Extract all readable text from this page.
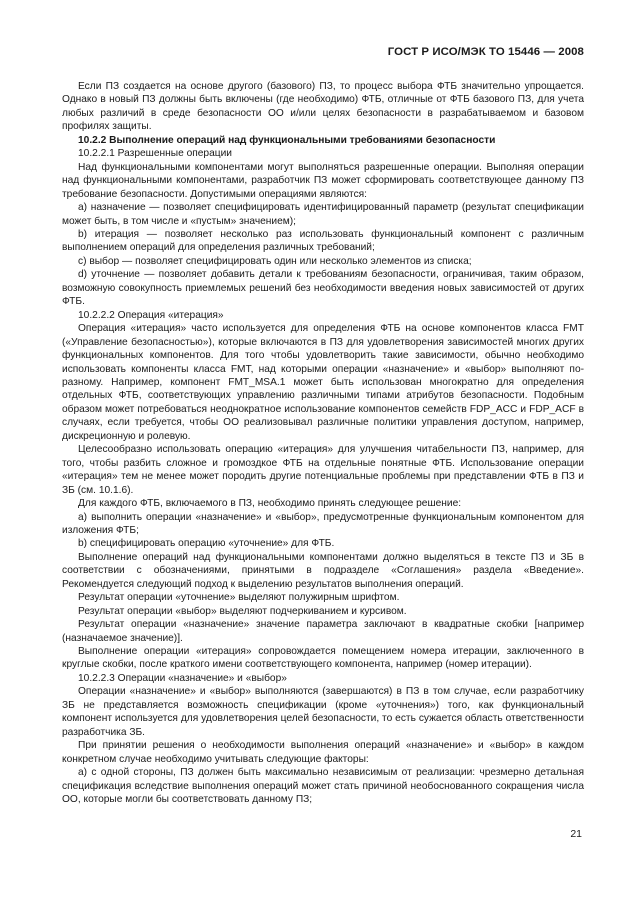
ГОСТ Р ИСО/МЭК ТО 15446 — 2008

Если ПЗ создается на основе другого (базового) ПЗ, то процесс выбора ФТБ значительно упрощается. Однако в новый ПЗ должны быть включены (где необходимо) ФТБ, отличные от ФТБ базового ПЗ, для учета любых различий в среде безопасности ОО и/или целях безопасности в разрабатываемом и базовом профилях защиты.

10.2.2 Выполнение операций над функциональными требованиями безопасности

10.2.2.1 Разрешенные операции

Над функциональными компонентами могут выполняться разрешенные операции. Выполняя операции над функциональными компонентами, разработчик ПЗ может сформировать соответствующее данному ПЗ требование безопасности. Допустимыми операциями являются:

а) назначение — позволяет специфицировать идентифицированный параметр (результат спецификации может быть, в том числе и «пустым» значением);

b) итерация — позволяет несколько раз использовать функциональный компонент с различным выполнением операций для определения различных требований;

с) выбор — позволяет специфицировать один или несколько элементов из списка;

d) уточнение — позволяет добавить детали к требованиям безопасности, ограничивая, таким образом, возможную совокупность приемлемых решений без необходимости введения новых зависимостей от других ФТБ.

10.2.2.2 Операция «итерация»

Операция «итерация» часто используется для определения ФТБ на основе компонентов класса FMT («Управление безопасностью»), которые включаются в ПЗ для удовлетворения зависимостей многих других функциональных компонентов. Для того чтобы удовлетворить такие зависимости, обычно необходимо использовать компоненты класса FMT, над которыми операции «назначение» и «выбор» выполняют по-разному. Например, компонент FMT_MSA.1 может быть использован многократно для определения отдельных ФТБ, соответствующих управлению различными типами атрибутов безопасности. Подобным образом может потребоваться неоднократное использование компонентов семейств FDP_ACC и FDP_ACF в случаях, если требуется, чтобы ОО реализовывал различные политики управления доступом, например, дискреционную и ролевую.

Целесообразно использовать операцию «итерация» для улучшения читабельности ПЗ, например, для того, чтобы разбить сложное и громоздкое ФТБ на отдельные понятные ФТБ. Использование операции «итерация» тем не менее может породить другие потенциальные проблемы при представлении ФТБ в ПЗ и ЗБ (см. 10.1.6).

Для каждого ФТБ, включаемого в ПЗ, необходимо принять следующее решение:

а) выполнить операции «назначение» и «выбор», предусмотренные функциональным компонентом для изложения ФТБ;

b) специфицировать операцию «уточнение» для ФТБ.

Выполнение операций над функциональными компонентами должно выделяться в тексте ПЗ и ЗБ в соответствии с обозначениями, принятыми в подразделе «Соглашения» раздела «Введение». Рекомендуется следующий подход к выделению результатов выполнения операций.

Результат операции «уточнение» выделяют полужирным шрифтом.

Результат операции «выбор» выделяют подчеркиванием и курсивом.

Результат операции «назначение» значение параметра заключают в квадратные скобки [например (назначаемое значение)].

Выполнение операции «итерация» сопровождается помещением номера итерации, заключенного в круглые скобки, после краткого имени соответствующего компонента, например (номер итерации).

10.2.2.3 Операции «назначение» и «выбор»

Операции «назначение» и «выбор» выполняются (завершаются) в ПЗ в том случае, если разработчику ЗБ не представляется возможность спецификации (кроме «уточнения») того, как функциональный компонент используется для удовлетворения целей безопасности, то есть сужается область ответственности разработчика ЗБ.

При принятии решения о необходимости выполнения операций «назначение» и «выбор» в каждом конкретном случае необходимо учитывать следующие факторы:

а) с одной стороны, ПЗ должен быть максимально независимым от реализации: чрезмерно детальная спецификация вследствие выполнения операций может стать причиной необоснованного сокращения числа ОО, которые могли бы соответствовать данному ПЗ;

21
